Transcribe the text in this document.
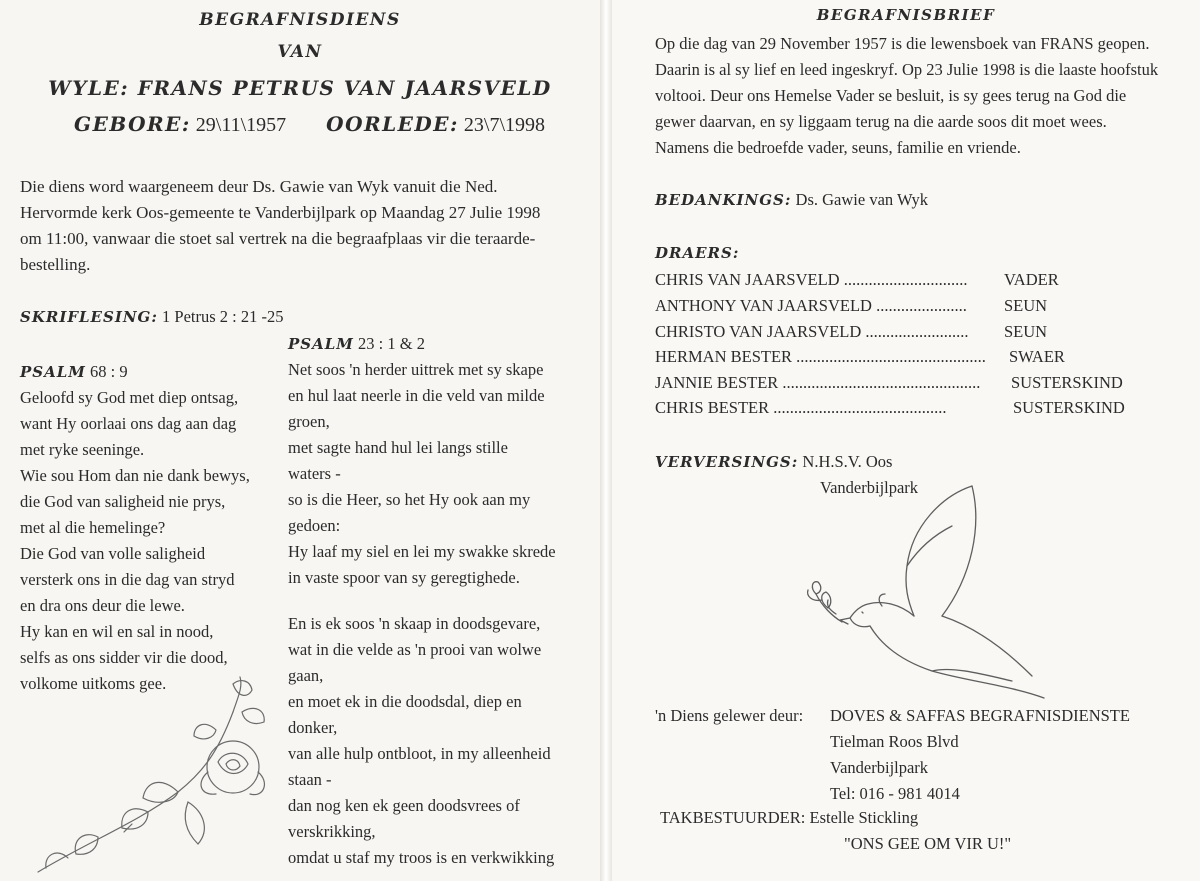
BEGRAFNISDIENS
VAN
WYLE: FRANS PETRUS VAN JAARSVELD
GEBORE: 29\11\1957 OORLEDE: 23\7\1998
Die diens word waargeneem deur Ds. Gawie van Wyk vanuit die Ned.
Hervormde kerk Oos-gemeente te Vanderbijlpark op Maandag 27 Julie 1998
om 11:00, vanwaar die stoet sal vertrek na die begraafplaas vir die teraarde-
bestelling.
SKRIFLESING: 1 Petrus 2 : 21 -25
PSALM 23 : 1 & 2
PSALM 68 : 9
Geloofd sy God met diep ontsag,
want Hy oorlaai ons dag aan dag
met ryke seeninge.
Wie sou Hom dan nie dank bewys,
die God van saligheid nie prys,
met al die hemelinge?
Die God van volle saligheid
versterk ons in die dag van stryd
en dra ons deur die lewe.
Hy kan en wil en sal in nood,
selfs as ons sidder vir die dood,
volkome uitkoms gee.
Net soos 'n herder uittrek met sy skape
en hul laat neerle in die veld van milde
groen,
met sagte hand hul lei langs stille
waters -
so is die Heer, so het Hy ook aan my
gedoen:
Hy laaf my siel en lei my swakke skrede
in vaste spoor van sy geregtighede.
En is ek soos 'n skaap in doodsgevare,
wat in die velde as 'n prooi van wolwe
gaan,
en moet ek in die doodsdal, diep en
donker,
van alle hulp ontbloot, in my alleenheid
staan -
dan nog ken ek geen doodsvrees of
verskrikking,
omdat u staf my troos is en verkwikking
BEGRAFNISBRIEF
Op die dag van 29 November 1957 is die lewensboek van FRANS geopen.
Daarin is al sy lief en leed ingeskryf. Op 23 Julie 1998 is die laaste hoofstuk
voltooi. Deur ons Hemelse Vader se besluit, is sy gees terug na God die
gewer daarvan, en sy liggaam terug na die aarde soos dit moet wees.
Namens die bedroefde vader, seuns, familie en vriende.
BEDANKINGS: Ds. Gawie van Wyk
DRAERS:
CHRIS VAN JAARSVELD .............................. VADER
ANTHONY VAN JAARSVELD ...................... SEUN
CHRISTO VAN JAARSVELD ......................... SEUN
HERMAN BESTER .............................................. SWAER
JANNIE BESTER ................................................ SUSTERSKIND
CHRIS BESTER ..........................................	SUSTERSKIND
VERVERSINGS: N.H.S.V. Oos
Vanderbijlpark
'n Diens gelewer deur: DOVES & SAFFAS BEGRAFNISDIENSTE
Tielman Roos Blvd
Vanderbijlpark
Tel: 016 - 981 4014
TAKBESTUURDER: Estelle Stickling
"ONS GEE OM VIR U!"
